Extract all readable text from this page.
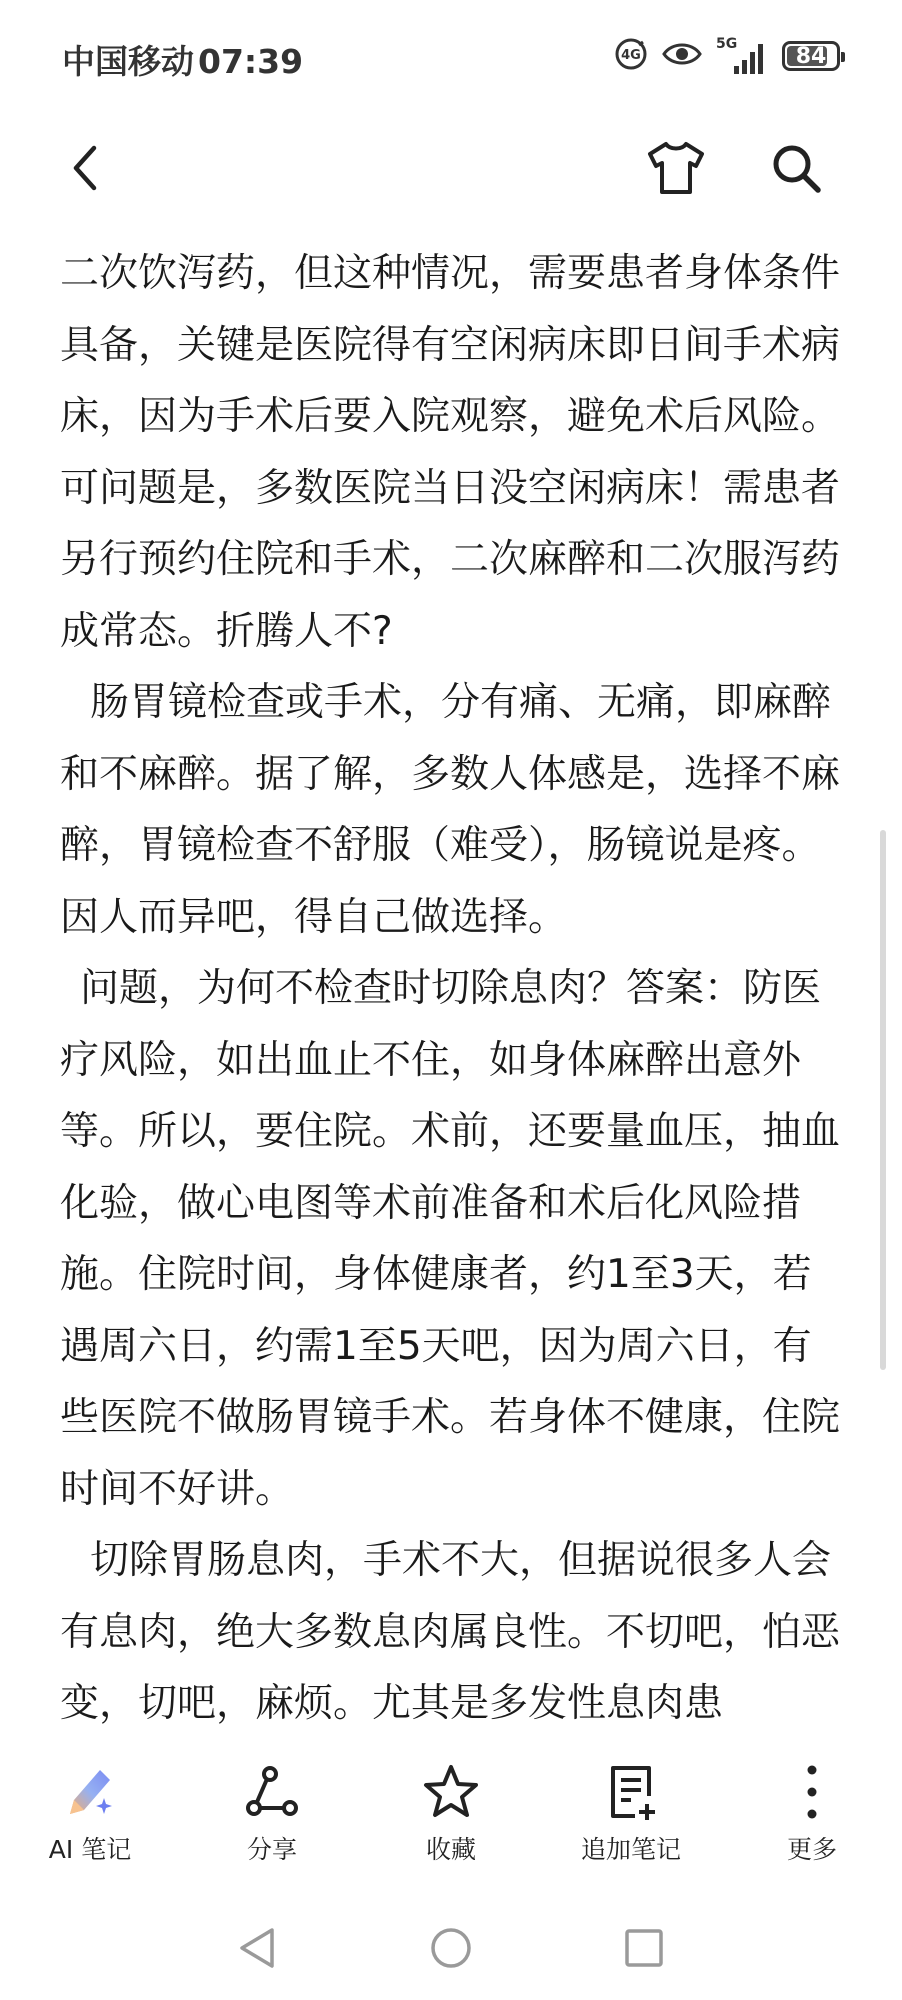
中国移动 07:39	4G
5G	84

二次饮泻药，但这种情况，需要患者身体条件具备，关键是医院得有空闲病床即日间手术病床，因为手术后要入院观察，避免术后风险。可问题是，多数医院当日没空闲病床！需患者另行预约住院和手术，二次麻醉和二次服泻药成常态。折腾人不?

肠胃镜检查或手术，分有痛、无痛，即麻醉和不麻醉。据了解，多数人体感是，选择不麻醉，胃镜检查不舒服（难受），肠镜说是疼。因人而异吧，得自己做选择。

问题，为何不检查时切除息肉？答案：防医疗风险，如出血止不住，如身体麻醉出意外等。所以，要住院。术前，还要量血压，抽血化验，做心电图等术前准备和术后化风险措施。住院时间，身体健康者，约1至3天，若遇周六日，约需1至5天吧，因为周六日，有些医院不做肠胃镜手术。若身体不健康，住院时间不好讲。

切除胃肠息肉，手术不大，但据说很多人会有息肉，绝大多数息肉属良性。不切吧，怕恶变，切吧，麻烦。尤其是多发性息肉患

AI 笔记	分享	收藏	追加笔记	更多
